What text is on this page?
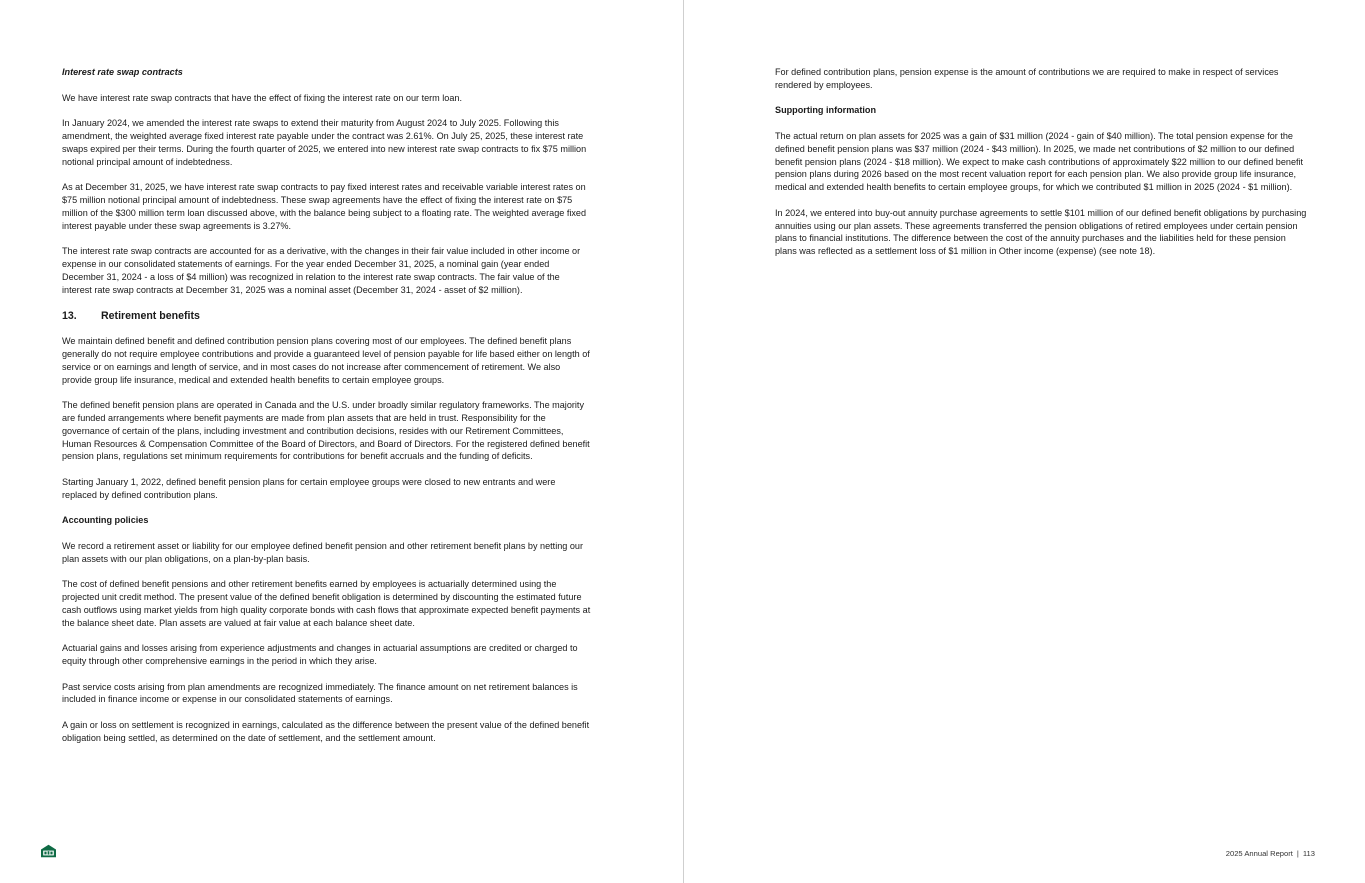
Interest rate swap contracts

We have interest rate swap contracts that have the effect of fixing the interest rate on our term loan.

In January 2024, we amended the interest rate swaps to extend their maturity from August 2024 to July 2025. Following this amendment, the weighted average fixed interest rate payable under the contract was 2.61%. On July 25, 2025, these interest rate swaps expired per their terms. During the fourth quarter of 2025, we entered into new interest rate swap contracts to fix $75 million notional principal amount of indebtedness.

As at December 31, 2025, we have interest rate swap contracts to pay fixed interest rates and receivable variable interest rates on $75 million notional principal amount of indebtedness. These swap agreements have the effect of fixing the interest rate on $75 million of the $300 million term loan discussed above, with the balance being subject to a floating rate. The weighted average fixed interest payable under these swap agreements is 3.27%.

The interest rate swap contracts are accounted for as a derivative, with the changes in their fair value included in other income or expense in our consolidated statements of earnings. For the year ended December 31, 2025, a nominal gain (year ended December 31, 2024 - a loss of $4 million) was recognized in relation to the interest rate swap contracts. The fair value of the interest rate swap contracts at December 31, 2025 was a nominal asset (December 31, 2024 - asset of $2 million).

13. Retirement benefits

We maintain defined benefit and defined contribution pension plans covering most of our employees. The defined benefit plans generally do not require employee contributions and provide a guaranteed level of pension payable for life based either on length of service or on earnings and length of service, and in most cases do not increase after commencement of retirement. We also provide group life insurance, medical and extended health benefits to certain employee groups.

The defined benefit pension plans are operated in Canada and the U.S. under broadly similar regulatory frameworks. The majority are funded arrangements where benefit payments are made from plan assets that are held in trust. Responsibility for the governance of certain of the plans, including investment and contribution decisions, resides with our Retirement Committees, Human Resources & Compensation Committee of the Board of Directors, and Board of Directors. For the registered defined benefit pension plans, regulations set minimum requirements for contributions for benefit accruals and the funding of deficits.

Starting January 1, 2022, defined benefit pension plans for certain employee groups were closed to new entrants and were replaced by defined contribution plans.

Accounting policies

We record a retirement asset or liability for our employee defined benefit pension and other retirement benefit plans by netting our plan assets with our plan obligations, on a plan-by-plan basis.

The cost of defined benefit pensions and other retirement benefits earned by employees is actuarially determined using the projected unit credit method. The present value of the defined benefit obligation is determined by discounting the estimated future cash outflows using market yields from high quality corporate bonds with cash flows that approximate expected benefit payments at the balance sheet date. Plan assets are valued at fair value at each balance sheet date.

Actuarial gains and losses arising from experience adjustments and changes in actuarial assumptions are credited or charged to equity through other comprehensive earnings in the period in which they arise.

Past service costs arising from plan amendments are recognized immediately. The finance amount on net retirement balances is included in finance income or expense in our consolidated statements of earnings.

A gain or loss on settlement is recognized in earnings, calculated as the difference between the present value of the defined benefit obligation being settled, as determined on the date of settlement, and the settlement amount.

For defined contribution plans, pension expense is the amount of contributions we are required to make in respect of services rendered by employees.

Supporting information

The actual return on plan assets for 2025 was a gain of $31 million (2024 - gain of $40 million). The total pension expense for the defined benefit pension plans was $37 million (2024 - $43 million). In 2025, we made net contributions of $2 million to our defined benefit pension plans (2024 - $18 million). We expect to make cash contributions of approximately $22 million to our defined benefit pension plans during 2026 based on the most recent valuation report for each pension plan. We also provide group life insurance, medical and extended health benefits to certain employee groups, for which we contributed $1 million in 2025 (2024 - $1 million).

In 2024, we entered into buy-out annuity purchase agreements to settle $101 million of our defined benefit obligations by purchasing annuities using our plan assets. These agreements transferred the pension obligations of retired employees under certain pension plans to financial institutions. The difference between the cost of the annuity purchases and the liabilities held for these pension plans was reflected as a settlement loss of $1 million in Other income (expense) (see note 18).

2025 Annual Report | 113
